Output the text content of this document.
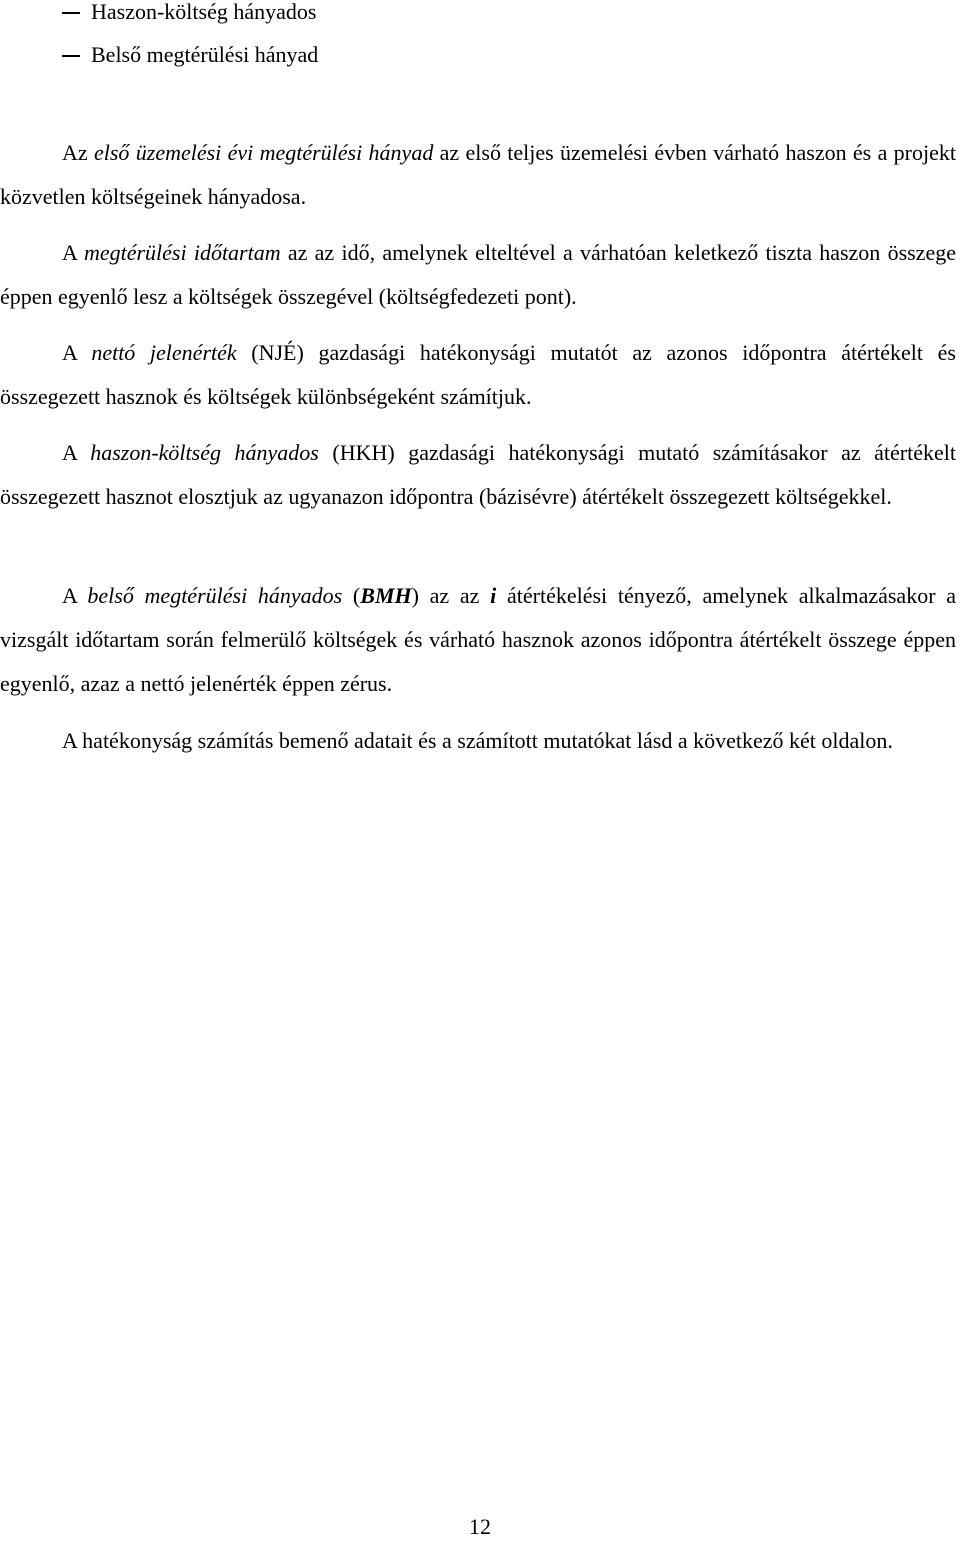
Haszon-költség hányados
Belső megtérülési hányad

Az első üzemelési évi megtérülési hányad az első teljes üzemelési évben várható haszon és a projekt közvetlen költségeinek hányadosa.

A megtérülési időtartam az az idő, amelynek elteltével a várhatóan keletkező tiszta haszon összege éppen egyenlő lesz a költségek összegével (költségfedezeti pont).

A nettó jelenérték (NJÉ) gazdasági hatékonysági mutatót az azonos időpontra átértékelt és összegezett hasznok és költségek különbségeként számítjuk.

A haszon-költség hányados (HKH) gazdasági hatékonysági mutató számításakor az átértékelt összegezett hasznot elosztjuk az ugyanazon időpontra (bázisévre) átértékelt összegezett költségekkel.

A belső megtérülési hányados (BMH) az az i átértékelési tényező, amelynek alkalmazásakor a vizsgált időtartam során felmerülő költségek és várható hasznok azonos időpontra átértékelt összege éppen egyenlő, azaz a nettó jelenérték éppen zérus.

A hatékonyság számítás bemenő adatait és a számított mutatókat lásd a következő két oldalon.

12
